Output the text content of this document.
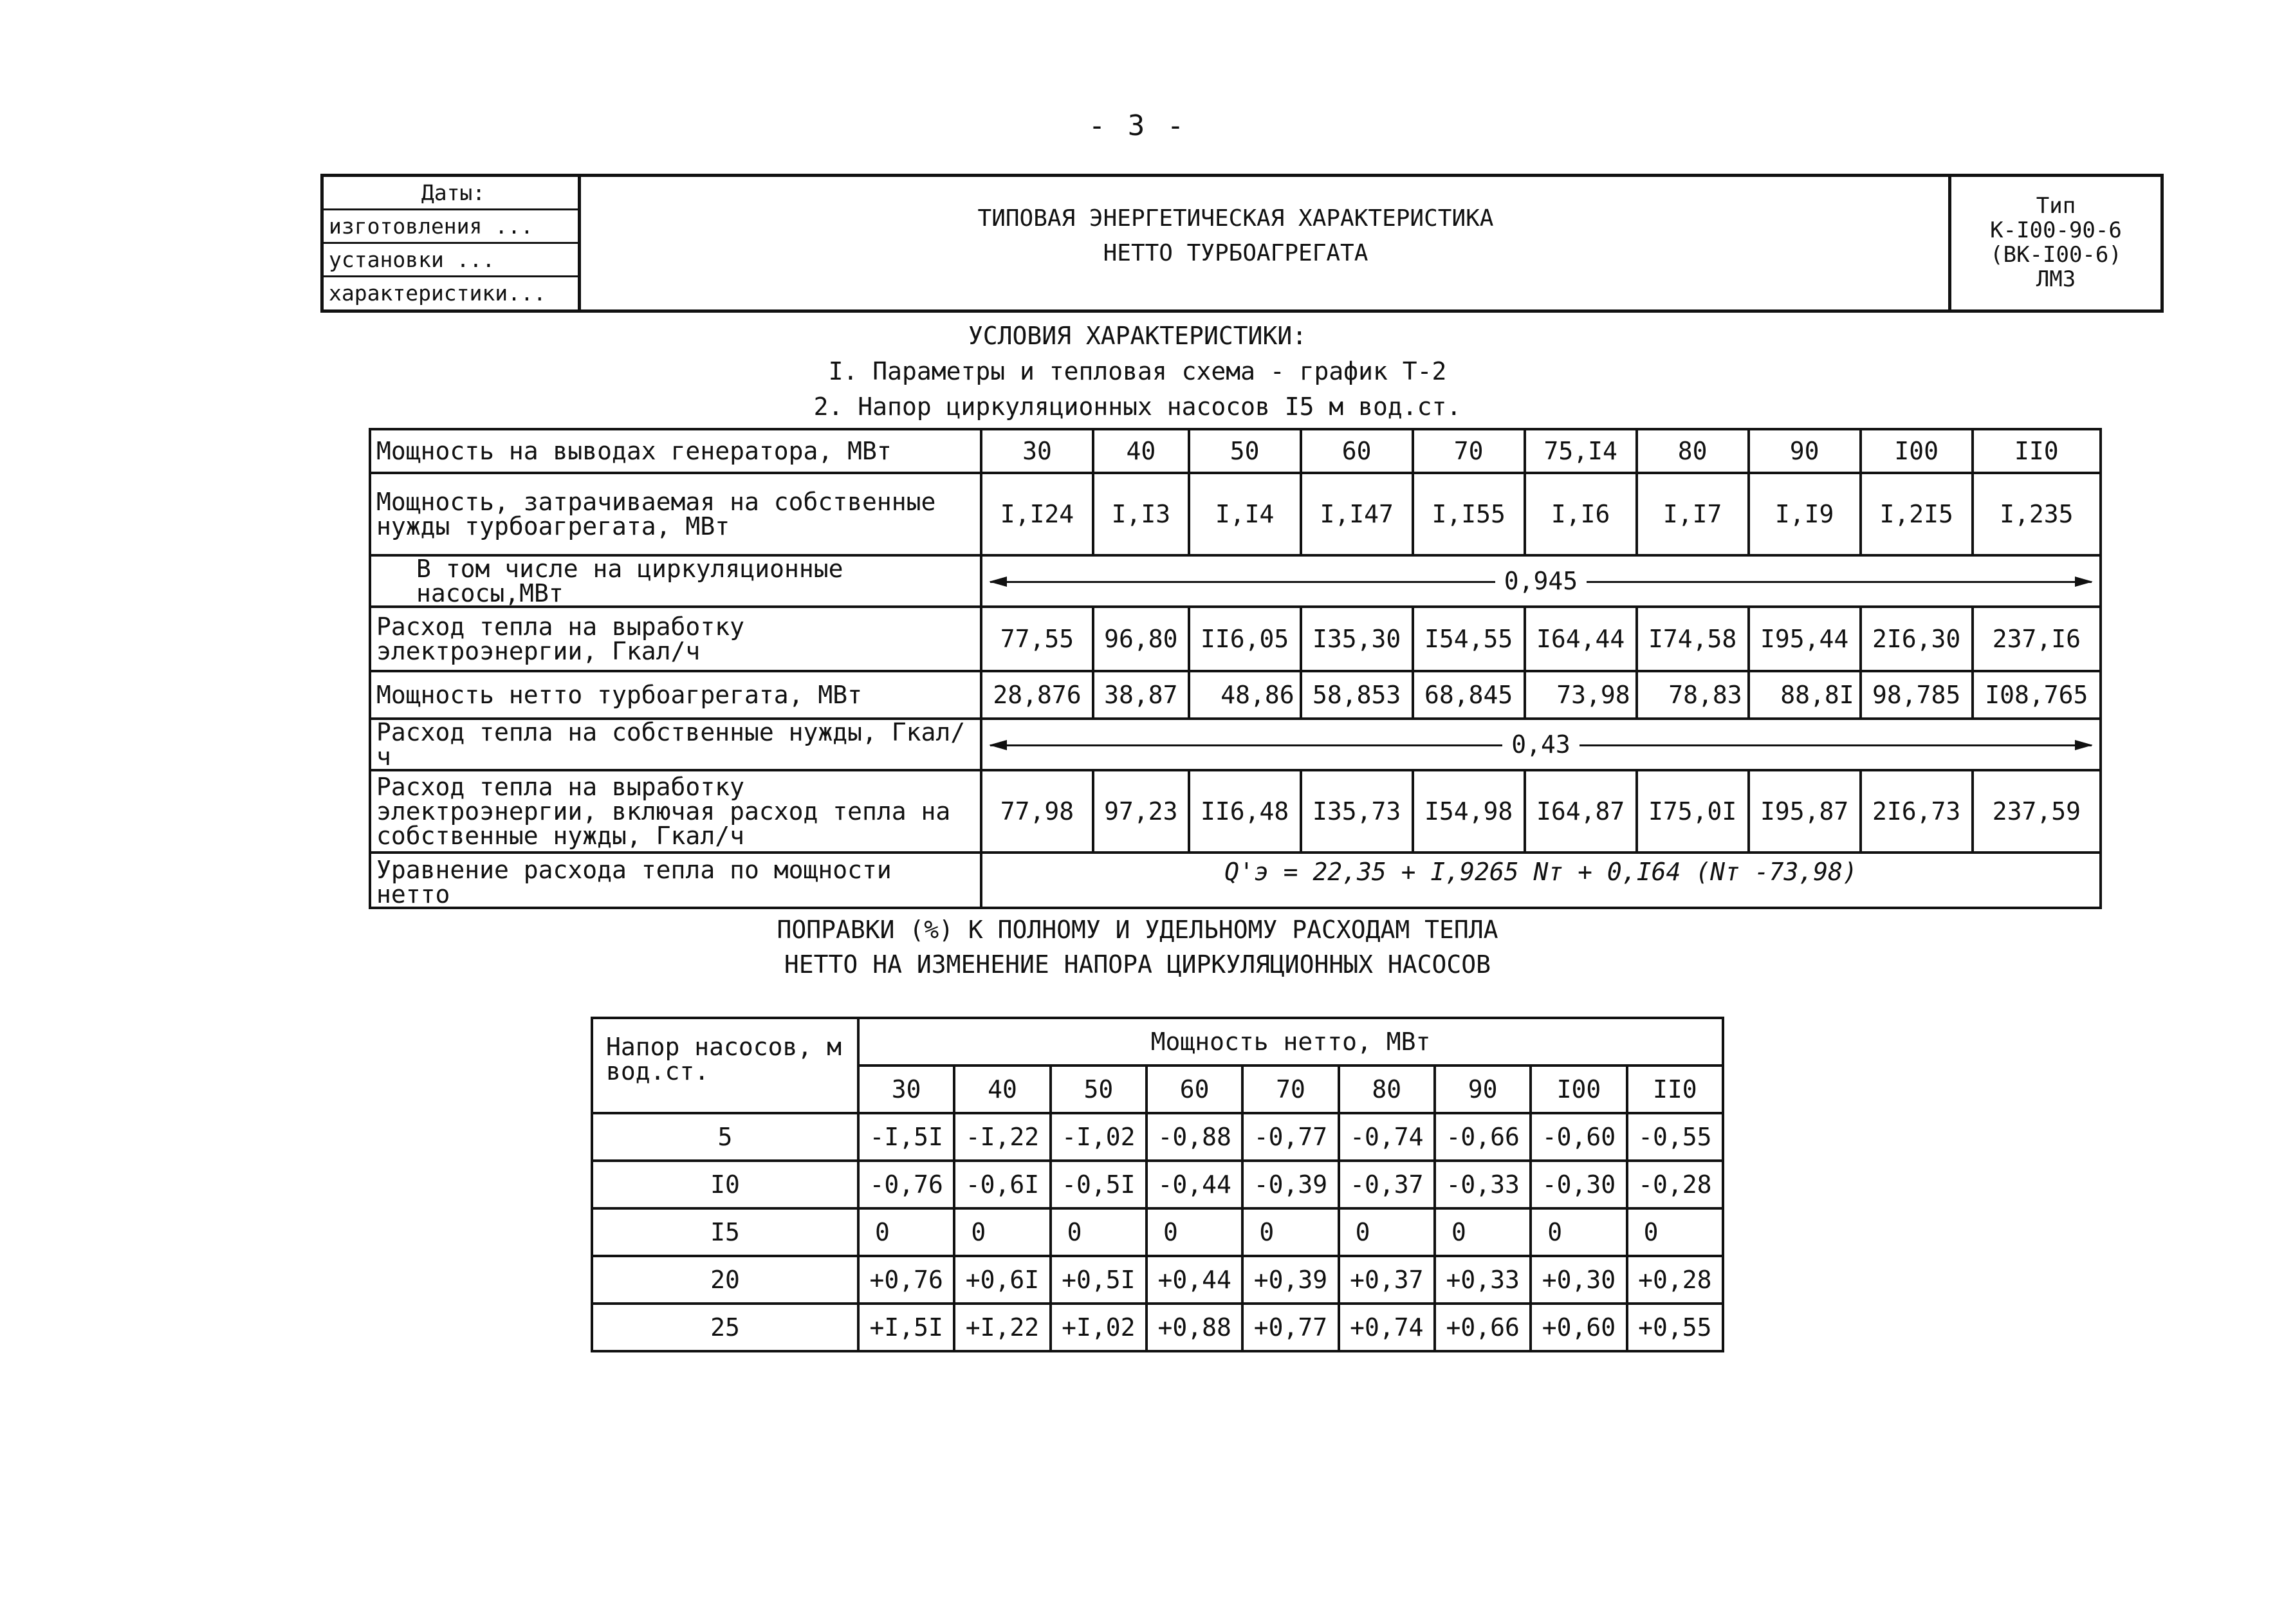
- 3 -
Даты:
изготовления ...
установки ...
характеристики...
ТИПОВАЯ ЭНЕРГЕТИЧЕСКАЯ ХАРАКТЕРИСТИКА
НЕТТО ТУРБОАГРЕГАТА
Тип
К-I00-90-6
(ВК-I00-6)
ЛМЗ
УСЛОВИЯ ХАРАКТЕРИСТИКИ:
I. Параметры и тепловая схема - график Т-2
2. Напор циркуляционных насосов I5 м вод.ст.
Мощность на выводах генератора, МВт	30	40	50	60	70	75,I4	80	90	I00	II0
Мощность, затрачиваемая на собственные нужды турбоагрегата, МВт	I,I24	I,I3	I,I4	I,I47	I,I55	I,I6	I,I7	I,I9	I,2I5	I,235
В том числе на циркуляционные насосы,МВт	0,945									
Расход тепла на выработку электроэнергии, Гкал/ч	77,55	96,80	II6,05	I35,30	I54,55	I64,44	I74,58	I95,44	2I6,30	237,I6
Мощность нетто турбоагрегата, МВт	28,876	38,87	48,86	58,853	68,845	73,98	78,83	88,8I	98,785	I08,765
Расход тепла на собственные нужды, Гкал/ч	0,43									
Расход тепла на выработку электроэнергии, включая расход тепла на собственные нужды, Гкал/ч	77,98	97,23	II6,48	I35,73	I54,98	I64,87	I75,0I	I95,87	2I6,73	237,59
Уравнение расхода тепла по мощности нетто	Q'э = 22,35 + I,9265 Nт + 0,I64 (Nт -73,98)									
ПОПРАВКИ (%) К ПОЛНОМУ И УДЕЛЬНОМУ РАСХОДАМ ТЕПЛА
НЕТТО НА ИЗМЕНЕНИЕ НАПОРА ЦИРКУЛЯЦИОННЫХ НАСОСОВ
Напор насосов, м вод.ст.	Мощность нетто, МВт								
	30	40	50	60	70	80	90	I00	II0
5	-I,5I	-I,22	-I,02	-0,88	-0,77	-0,74	-0,66	-0,60	-0,55
I0	-0,76	-0,6I	-0,5I	-0,44	-0,39	-0,37	-0,33	-0,30	-0,28
I5	0	0	0	0	0	0	0	0	0
20	+0,76	+0,6I	+0,5I	+0,44	+0,39	+0,37	+0,33	+0,30	+0,28
25	+I,5I	+I,22	+I,02	+0,88	+0,77	+0,74	+0,66	+0,60	+0,55
